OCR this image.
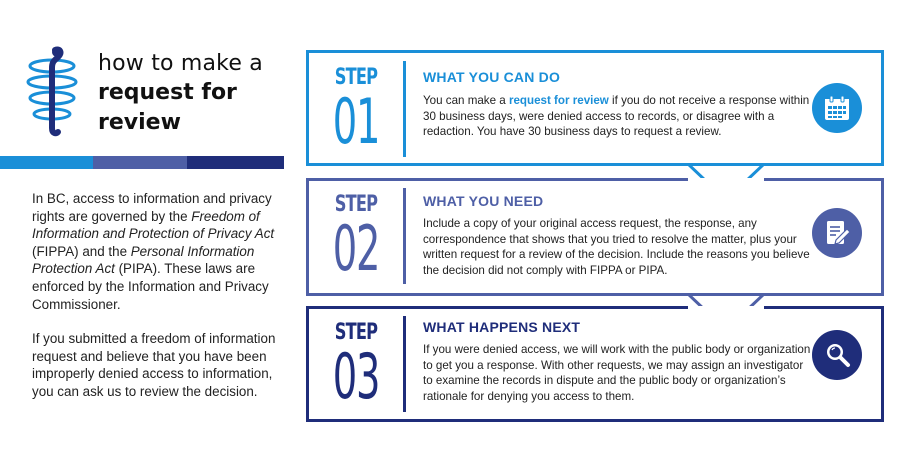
how to make a
request for
review

In BC, access to information and privacy rights are governed by the Freedom of Information and Protection of Privacy Act (FIPPA) and the Personal Information Protection Act (PIPA). These laws are enforced by the Information and Privacy Commissioner.

If you submitted a freedom of information request and believe that you have been improperly denied access to information, you can ask us to review the decision.

STEP
01
WHAT YOU CAN DO
You can make a request for review if you do not receive a response within 30 business days, were denied access to records, or disagree with a redaction. You have 30 business days to request a review.
STEP
02
WHAT YOU NEED
Include a copy of your original access request, the response, any correspondence that shows that you tried to resolve the matter, plus your written request for a review of the decision. Include the reasons you believe the decision did not comply with FIPPA or PIPA.
STEP
03
WHAT HAPPENS NEXT
If you were denied access, we will work with the public body or organization to get you a response. With other requests, we may assign an investigator to examine the records in dispute and the public body or organization’s rationale for denying you access to them.
